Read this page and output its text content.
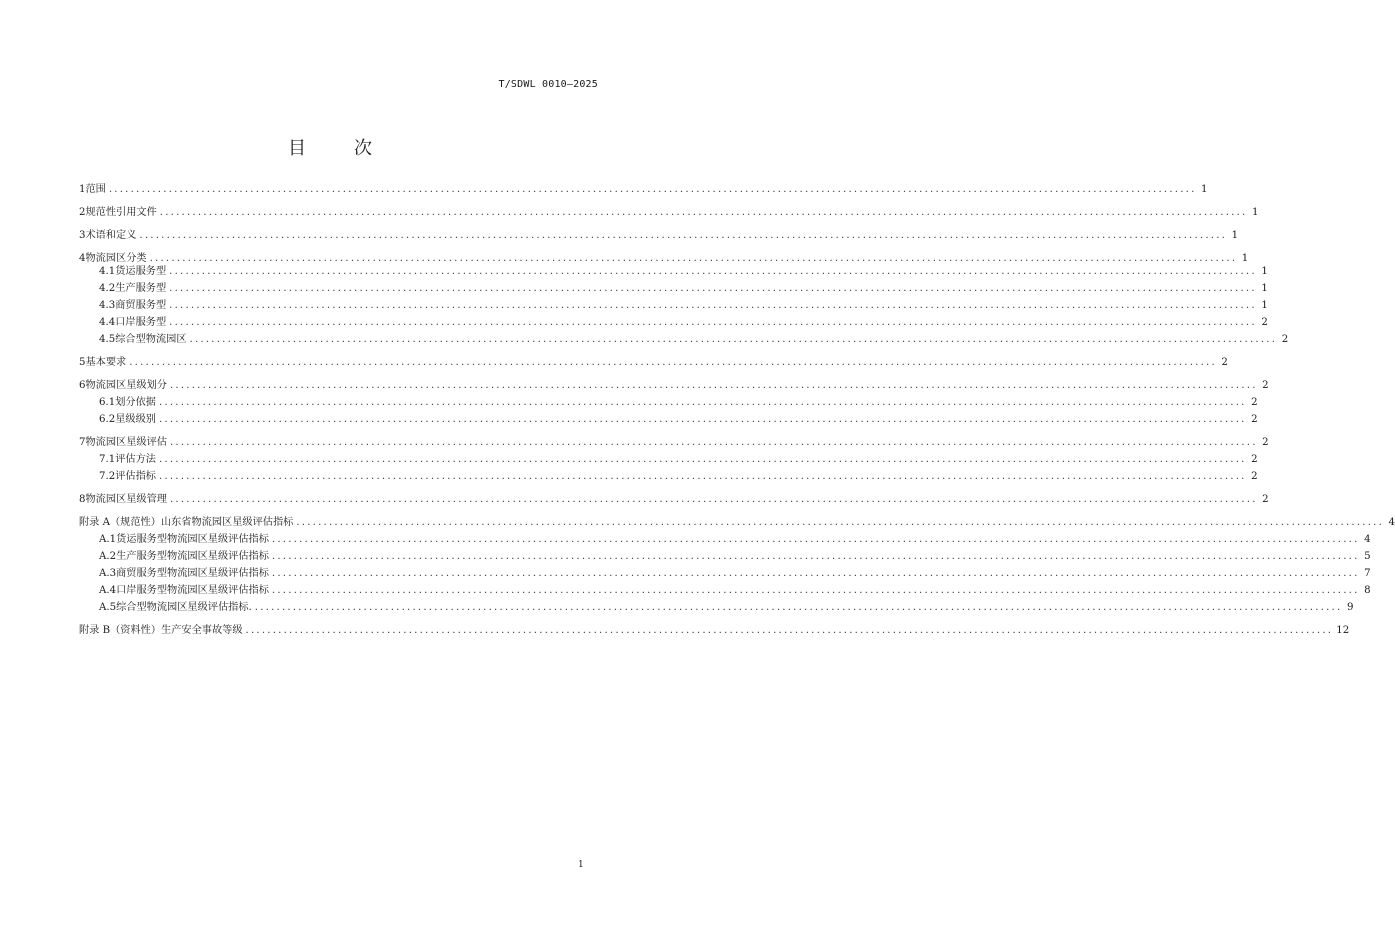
T/SDWL 0010—2025
目	次
1 范围 ........................................................................................................................................................................................................ 1
2 规范性引用文件 ........................................................................................................................................................................................................ 1
3 术语和定义 ........................................................................................................................................................................................................ 1
4 物流园区分类 ........................................................................................................................................................................................................ 1
4.1 货运服务型 ........................................................................................................................................................................................................ 1
4.2 生产服务型 ........................................................................................................................................................................................................ 1
4.3 商贸服务型 ........................................................................................................................................................................................................ 1
4.4 口岸服务型 ........................................................................................................................................................................................................ 2
4.5 综合型物流园区 ........................................................................................................................................................................................................ 2
5 基本要求 ........................................................................................................................................................................................................ 2
6 物流园区星级划分 ........................................................................................................................................................................................................ 2
6.1 划分依据 ........................................................................................................................................................................................................ 2
6.2 星级级别 ........................................................................................................................................................................................................ 2
7 物流园区星级评估 ........................................................................................................................................................................................................ 2
7.1 评估方法 ........................................................................................................................................................................................................ 2
7.2 评估指标 ........................................................................................................................................................................................................ 2
8 物流园区星级管理 ........................................................................................................................................................................................................ 2
附录 A（规范性） 山东省物流园区星级评估指标 ........................................................................................................................................................................................................ 4
A.1 货运服务型物流园区星级评估指标 ........................................................................................................................................................................................................ 4
A.2 生产服务型物流园区星级评估指标 ........................................................................................................................................................................................................ 5
A.3 商贸服务型物流园区星级评估指标 ........................................................................................................................................................................................................ 7
A.4 口岸服务型物流园区星级评估指标 ........................................................................................................................................................................................................ 8
A.5 综合型物流园区星级评估指标. ........................................................................................................................................................................................................ 9
附录 B（资料性） 生产安全事故等级 ........................................................................................................................................................................................................ 12
1
